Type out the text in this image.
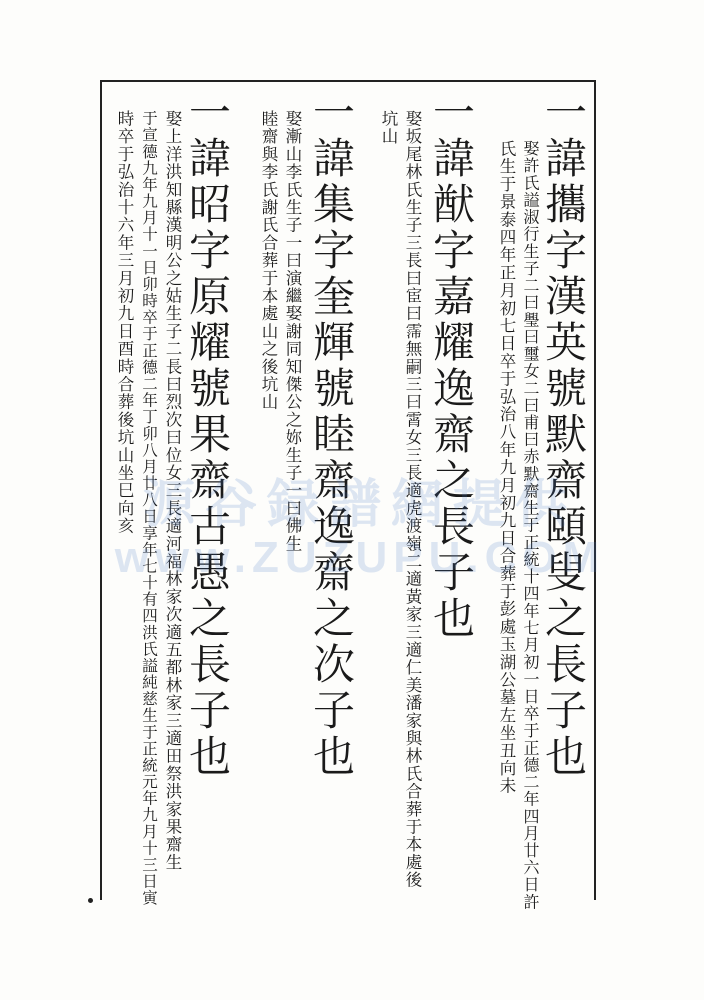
一諱攜字漢英號默齋頤叟之長子也
娶許氏謚淑行生子二曰璺曰璽女二曰甫曰赤默齋生于正統十四年七月初一日卒于正德二年四月廿六日許
氏生于景泰四年正月初七日卒于弘治八年九月初九日合葬于彭處玉湖公墓左坐丑向未
一諱猷字嘉耀逸齋之長子也
娶坂尾林氏生子三長曰宦曰霈無嗣三曰霄女三長適虎渡嶺二適黃家三適仁美潘家與林氏合葬于本處後
坑山
一諱集字奎輝號睦齋逸齋之次子也
娶漸山李氏生子一曰演繼娶謝同知傑公之妳生子一曰佛生
睦齋與李氏謝氏合葬于本處山之後坑山
一諱昭字原耀號果齋古愚之長子也
娶上洋洪知縣漢明公之姑生子二長曰烈次曰位女三長適河福林家次適五都林家三適田祭洪家果齋生
于宣德九年九月十一日卯時卒于正德二年丁卯八月廿八日享年七十有四洪氏謚純慈生于正統元年九月十三日寅
時卒于弘治十六年三月初九日酉時合葬後坑山坐巳向亥 源谷録譜網提供
www.ZUZUPU.COM
